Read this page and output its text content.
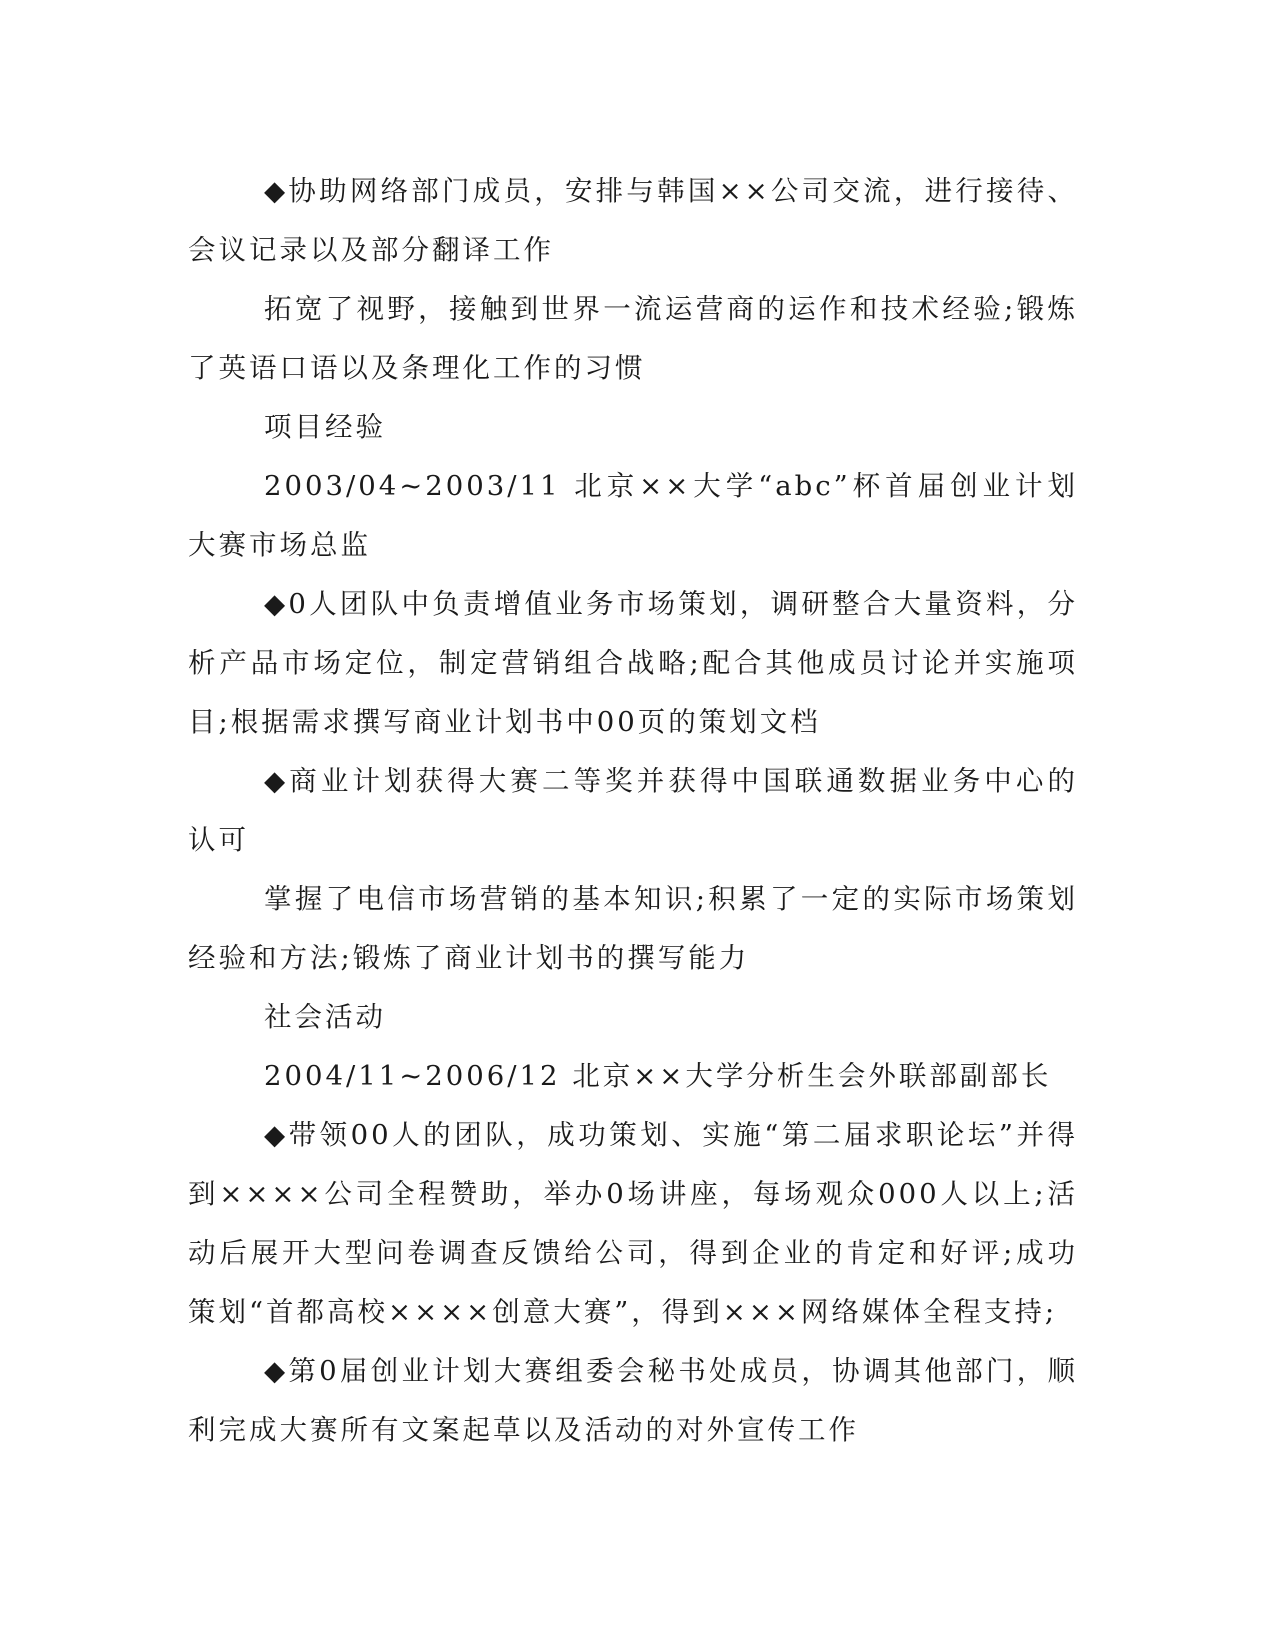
◆协助网络部门成员，安排与韩国××公司交流，进行接待、会议记录以及部分翻译工作

拓宽了视野，接触到世界一流运营商的运作和技术经验;锻炼了英语口语以及条理化工作的习惯

项目经验

2003/04~2003/11 北京××大学“abc”杯首届创业计划大赛市场总监

◆0人团队中负责增值业务市场策划，调研整合大量资料，分析产品市场定位，制定营销组合战略;配合其他成员讨论并实施项目;根据需求撰写商业计划书中00页的策划文档

◆商业计划获得大赛二等奖并获得中国联通数据业务中心的认可

掌握了电信市场营销的基本知识;积累了一定的实际市场策划经验和方法;锻炼了商业计划书的撰写能力

社会活动

2004/11~2006/12 北京××大学分析生会外联部副部长

◆带领00人的团队，成功策划、实施“第二届求职论坛”并得到××××公司全程赞助，举办0场讲座，每场观众000人以上;活动后展开大型问卷调查反馈给公司，得到企业的肯定和好评;成功策划“首都高校××××创意大赛”，得到×××网络媒体全程支持;

◆第0届创业计划大赛组委会秘书处成员，协调其他部门，顺利完成大赛所有文案起草以及活动的对外宣传工作
